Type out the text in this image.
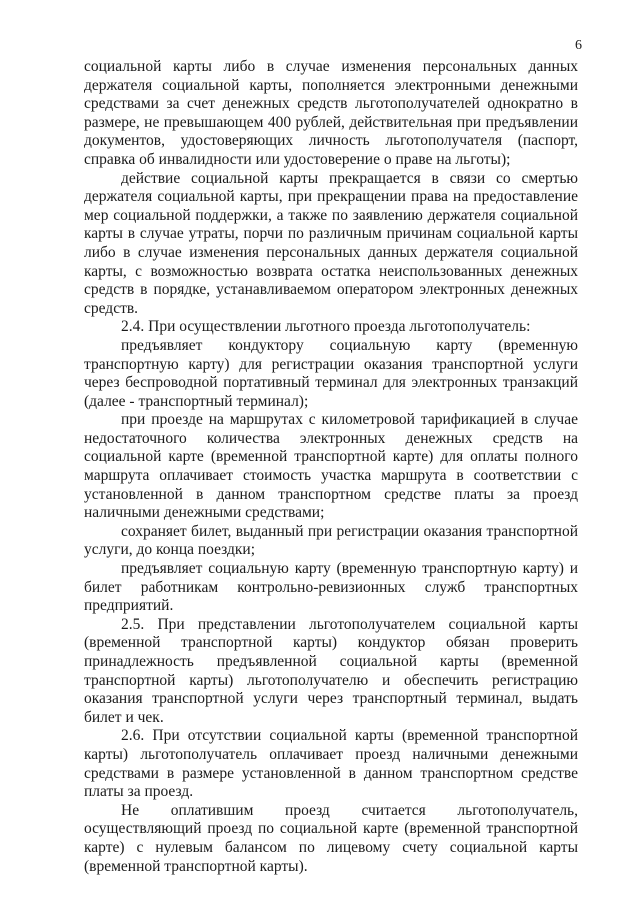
6

социальной карты либо в случае изменения персональных данных держателя социальной карты, пополняется электронными денежными средствами за счет денежных средств льготополучателей однократно в размере, не превышающем 400 рублей, действительная при предъявлении документов, удостоверяющих личность льготополучателя (паспорт, справка об инвалидности или удостоверение о праве на льготы);

действие социальной карты прекращается в связи со смертью держателя социальной карты, при прекращении права на предоставление мер социальной поддержки, а также по заявлению держателя социальной карты в случае утраты, порчи по различным причинам социальной карты либо в случае изменения персональных данных держателя социальной карты, с возможностью возврата остатка неиспользованных денежных средств в порядке, устанавливаемом оператором электронных денежных средств.

2.4. При осуществлении льготного проезда льготополучатель:

предъявляет кондуктору социальную карту (временную транспортную карту) для регистрации оказания транспортной услуги через беспроводной портативный терминал для электронных транзакций (далее - транспортный терминал);

при проезде на маршрутах с километровой тарификацией в случае недостаточного количества электронных денежных средств на социальной карте (временной транспортной карте) для оплаты полного маршрута оплачивает стоимость участка маршрута в соответствии с установленной в данном транспортном средстве платы за проезд наличными денежными средствами;

сохраняет билет, выданный при регистрации оказания транспортной услуги, до конца поездки;

предъявляет социальную карту (временную транспортную карту) и билет работникам контрольно-ревизионных служб транспортных предприятий.

2.5. При представлении льготополучателем социальной карты (временной транспортной карты) кондуктор обязан проверить принадлежность предъявленной социальной карты (временной транспортной карты) льготополучателю и обеспечить регистрацию оказания транспортной услуги через транспортный терминал, выдать билет и чек.

2.6. При отсутствии социальной карты (временной транспортной карты) льготополучатель оплачивает проезд наличными денежными средствами в размере установленной в данном транспортном средстве платы за проезд.

Не оплатившим проезд считается льготополучатель, осуществляющий проезд по социальной карте (временной транспортной карте) с нулевым балансом по лицевому счету социальной карты (временной транспортной карты).
